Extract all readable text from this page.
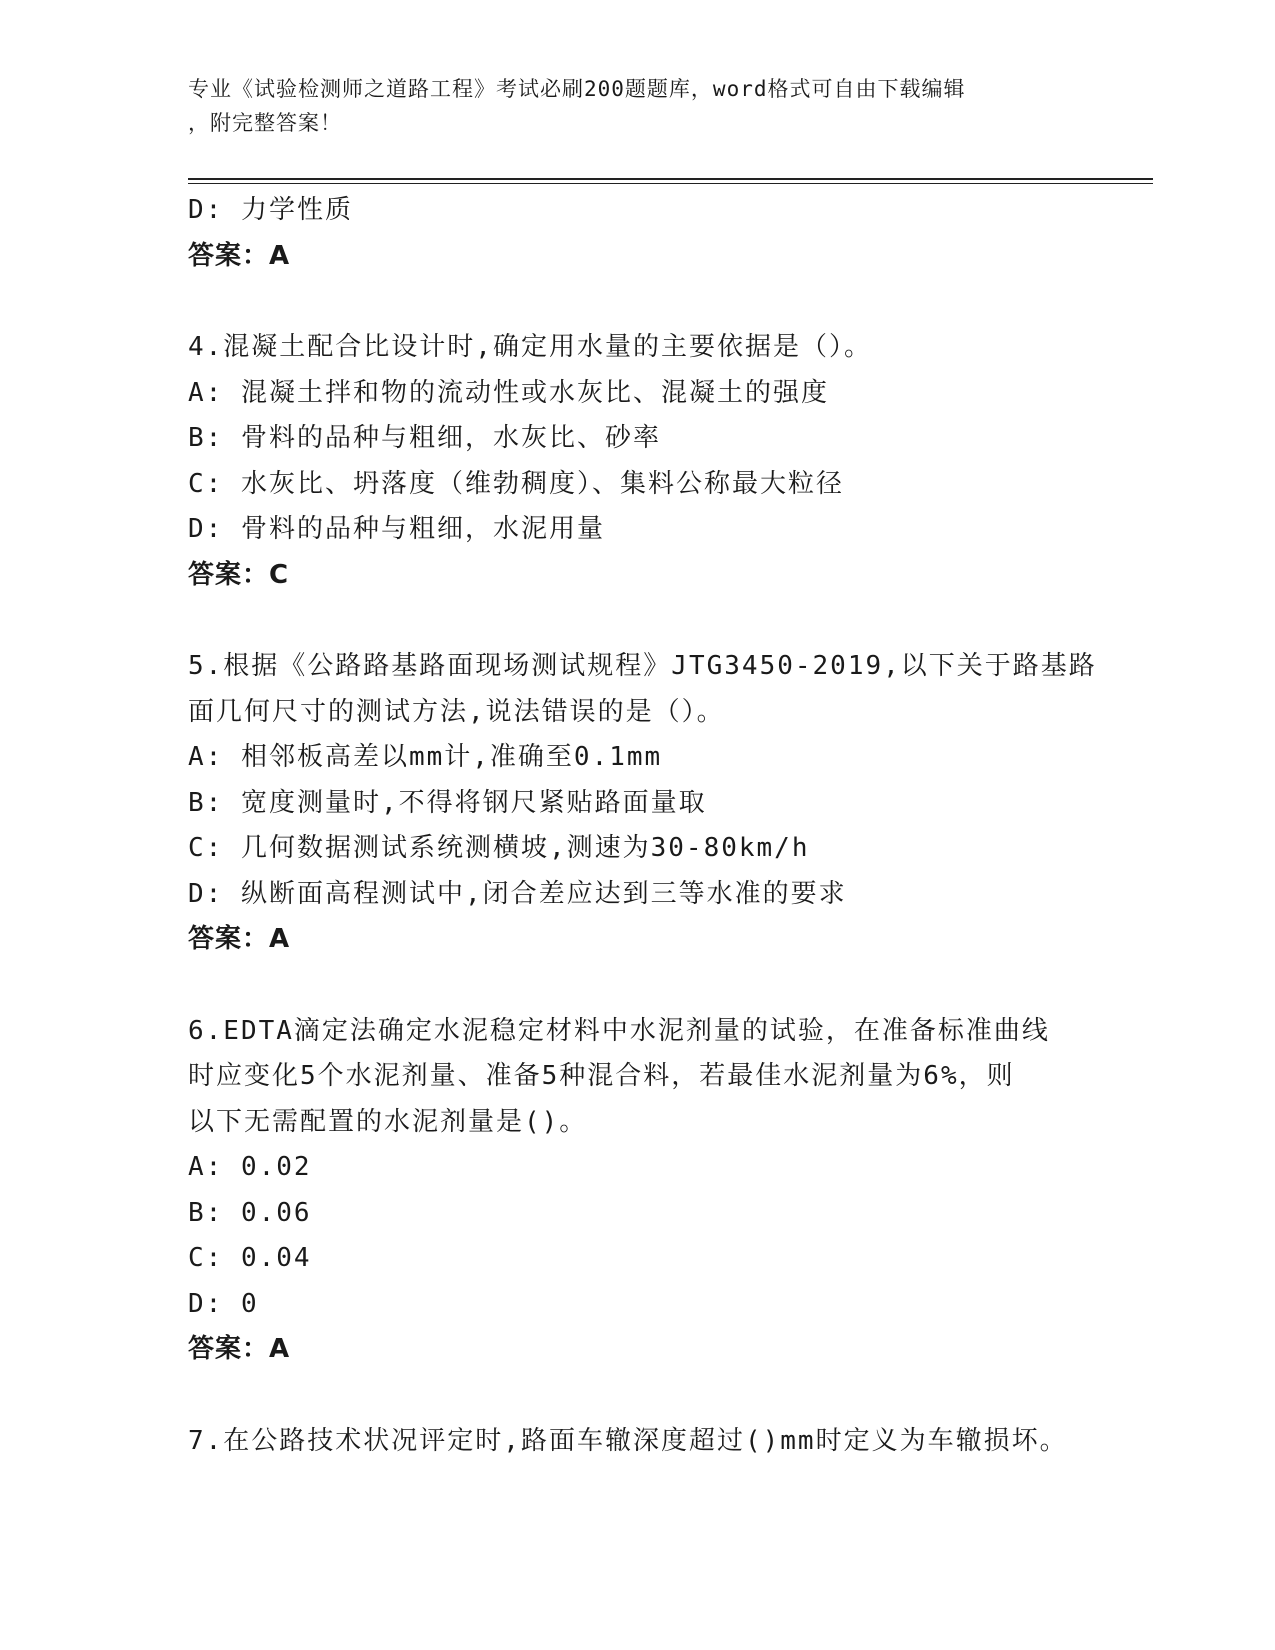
专业《试验检测师之道路工程》考试必刷200题题库，word格式可自由下载编辑
，附完整答案！
D: 力学性质
答案：A
4.混凝土配合比设计时,确定用水量的主要依据是（）。
A: 混凝土拌和物的流动性或水灰比、混凝土的强度
B: 骨料的品种与粗细，水灰比、砂率
C: 水灰比、坍落度（维勃稠度）、集料公称最大粒径
D: 骨料的品种与粗细，水泥用量
答案：C
5.根据《公路路基路面现场测试规程》JTG3450-2019,以下关于路基路
面几何尺寸的测试方法,说法错误的是（）。
A: 相邻板高差以mm计,准确至0.1mm
B: 宽度测量时,不得将钢尺紧贴路面量取
C: 几何数据测试系统测横坡,测速为30-80km/h
D: 纵断面高程测试中,闭合差应达到三等水准的要求
答案：A
6.EDTA滴定法确定水泥稳定材料中水泥剂量的试验，在准备标准曲线
时应变化5个水泥剂量、准备5种混合料，若最佳水泥剂量为6%，则
以下无需配置的水泥剂量是()。
A: 0.02
B: 0.06
C: 0.04
D: 0
答案：A
7.在公路技术状况评定时,路面车辙深度超过()mm时定义为车辙损坏。
